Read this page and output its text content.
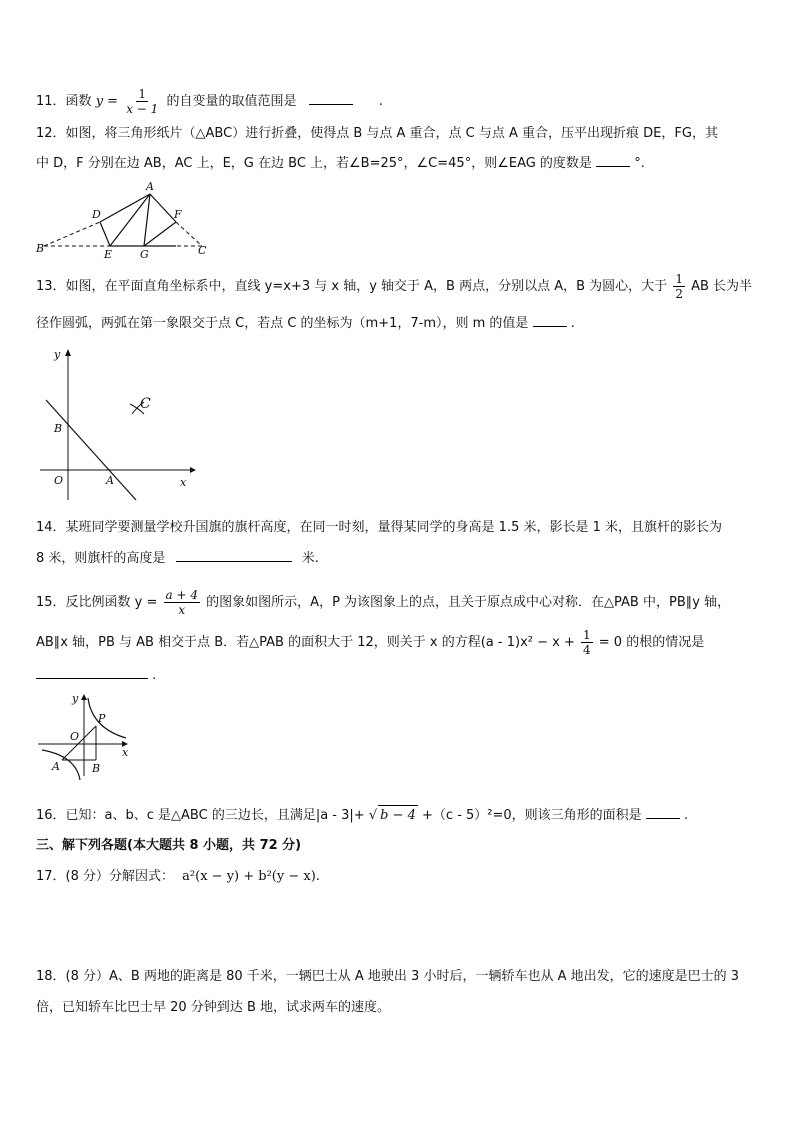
11．函数 $y = \frac{1}{x - 1}$ 的自变量的取值范围是	.
12．如图，将三角形纸片（△ABC）进行折叠，使得点 B 与点 A 重合，点 C 与点 A 重合，压平出现折痕 DE，FG，其
中 D，F 分别在边 AB，AC 上，E，G 在边 BC 上，若∠B=25°，∠C=45°，则∠EAG 的度数是	°.
A
D	F
B	E	G	C
13．如图，在平面直角坐标系中，直线 y=x+3 与 x 轴，y 轴交于 A，B 两点，分别以点 A，B 为圆心，大于 $\frac{1}{2}$ AB 长为半
径作圆弧，两弧在第一象限交于点 C，若点 C 的坐标为（m+1，7-m），则 m 的值是	.
y
C
B
O	A	x
14．某班同学要测量学校升国旗的旗杆高度，在同一时刻，量得某同学的身高是 1.5 米，影长是 1 米，且旗杆的影长为
8 米，则旗杆的高度是	米.
15．反比例函数 $y = \frac{a + 4}{x}$ 的图象如图所示，A，P 为该图象上的点，且关于原点成中心对称．在△PAB 中，PB∥y 轴，
AB∥x 轴，PB 与 AB 相交于点 B．若△PAB 的面积大于 12，则关于 x 的方程$(a - 1)x^2 - x + \frac{1}{4} = 0$ 的根的情况是
.
y
P
O
x
A	B
16．已知：a、b、c 是△ABC 的三边长，且满足|a - 3|+ √ b − 4 +（c - 5）²=0，则该三角形的面积是	.
三、解下列各题(本大题共 8 小题，共 72 分)
17．(8 分）分解因式： a²(x − y) + b²(y − x).
18．(8 分）A、B 两地的距离是 80 千米，一辆巴士从 A 地驶出 3 小时后，一辆轿车也从 A 地出发，它的速度是巴士的 3
倍，已知轿车比巴士早 20 分钟到达 B 地，试求两车的速度。
